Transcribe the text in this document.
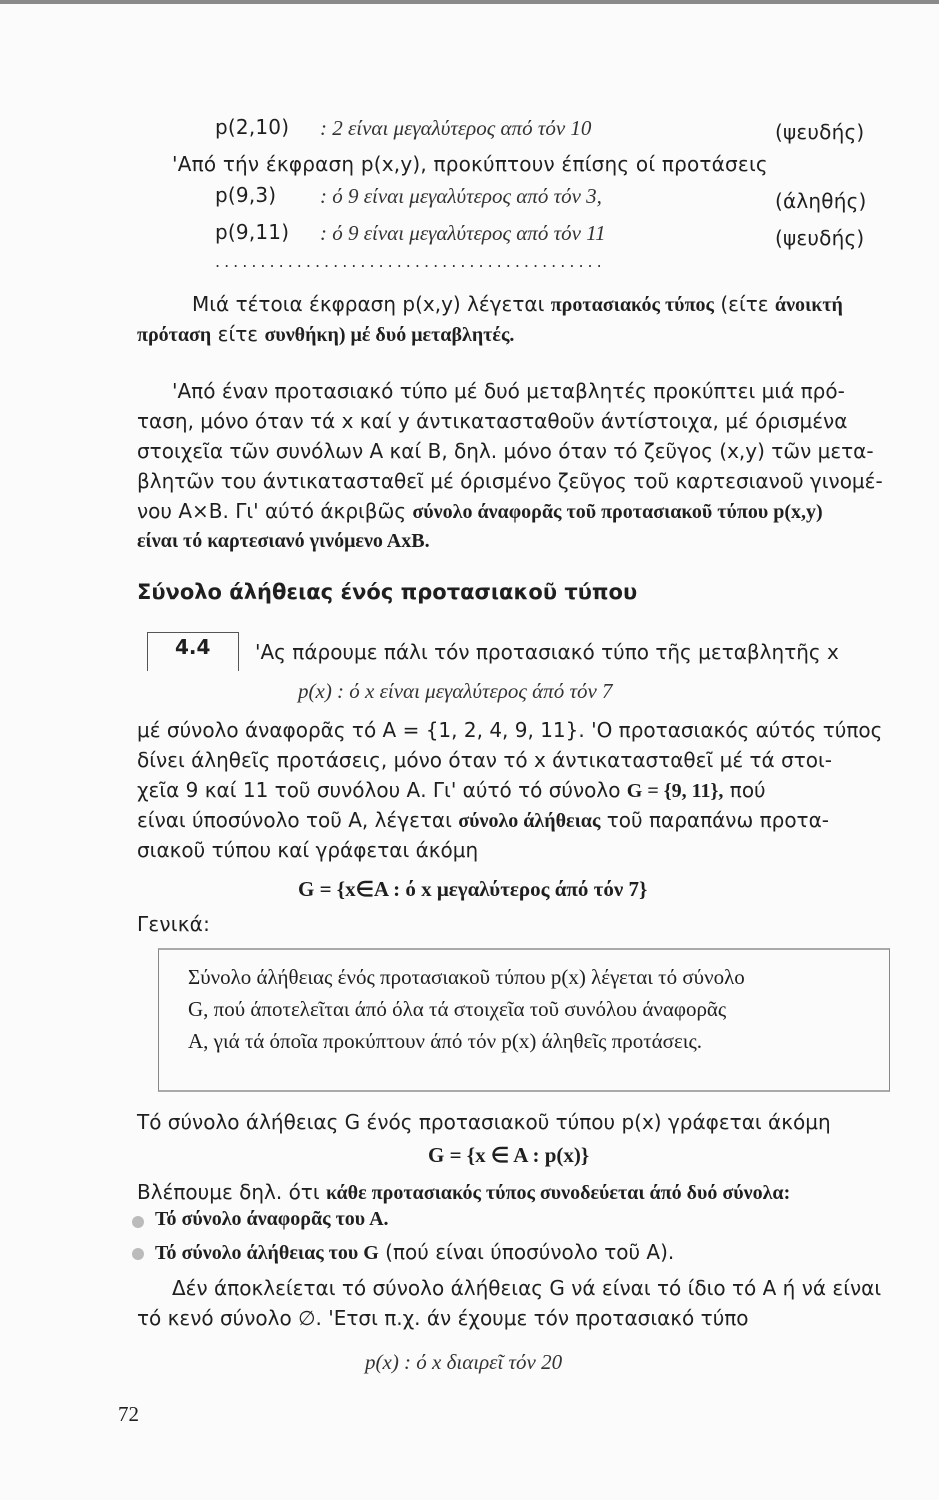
p(2,10) : 2 είναι μεγαλύτερος από τόν 10	(ψευδής)
'Από τήν έκφραση p(x,y), προκύπτουν έπίσης οί προτάσεις
p(9,3) : ό 9 είναι μεγαλύτερος από τόν 3,	(άληθής)
p(9,11) : ό 9 είναι μεγαλύτερος από τόν 11	(ψευδής)
...........................................
Μιά τέτοια έκφραση p(x,y) λέγεται προτασιακός τύπος (είτε άνοικτή
πρόταση είτε συνθήκη) μέ δυό μεταβλητές.
'Από έναν προτασιακό τύπο μέ δυό μεταβλητές προκύπτει μιά πρό-
ταση, μόνο όταν τά x καί y άντικατασταθοῦν άντίστοιχα, μέ όρισμένα
στοιχεῖα τῶν συνόλων Α καί Β, δηλ. μόνο όταν τό ζεῦγος (x,y) τῶν μετα-
βλητῶν του άντικατασταθεῖ μέ όρισμένο ζεῦγος τοῦ καρτεσιανοῦ γινομέ-
νου Α×Β. Γι' αύτό άκριβῶς σύνολο άναφορᾶς τοῦ προτασιακοῦ τύπου p(x,y)
είναι τό καρτεσιανό γινόμενο ΑxΒ.
Σύνολο άλήθειας ένός προτασιακοῦ τύπου
4.4 'Ας πάρουμε πάλι τόν προτασιακό τύπο τῆς μεταβλητῆς x
p(x) : ό x είναι μεγαλύτερος άπό τόν 7
μέ σύνολο άναφορᾶς τό Α = {1, 2, 4, 9, 11}. 'Ο προτασιακός αύτός τύπος
δίνει άληθεῖς προτάσεις, μόνο όταν τό x άντικατασταθεῖ μέ τά στοι-
χεῖα 9 καί 11 τοῦ συνόλου Α. Γι' αύτό τό σύνολο G = {9, 11}, πού
είναι ύποσύνολο τοῦ Α, λέγεται σύνολο άλήθειας τοῦ παραπάνω προτα-
σιακοῦ τύπου καί γράφεται άκόμη
G = {x∈A : ό x μεγαλύτερος άπό τόν 7}
Γενικά:
Σύνολο άλήθειας ένός προτασιακοῦ τύπου p(x) λέγεται τό σύνολο
G, πού άποτελεῖται άπό όλα τά στοιχεῖα τοῦ συνόλου άναφορᾶς
Α, γιά τά όποῖα προκύπτουν άπό τόν p(x) άληθεῖς προτάσεις.
Τό σύνολο άλήθειας G ένός προτασιακοῦ τύπου p(x) γράφεται άκόμη
G = {x ∈ A : p(x)}
Βλέπουμε δηλ. ότι κάθε προτασιακός τύπος συνοδεύεται άπό δυό σύνολα:
Τό σύνολο άναφορᾶς του Α.
Τό σύνολο άλήθειας του G (πού είναι ύποσύνολο τοῦ Α).
Δέν άποκλείεται τό σύνολο άλήθειας G νά είναι τό ίδιο τό Α ή νά είναι
τό κενό σύνολο ∅. 'Ετσι π.χ. άν έχουμε τόν προτασιακό τύπο
p(x) : ό x διαιρεῖ τόν 20
72
